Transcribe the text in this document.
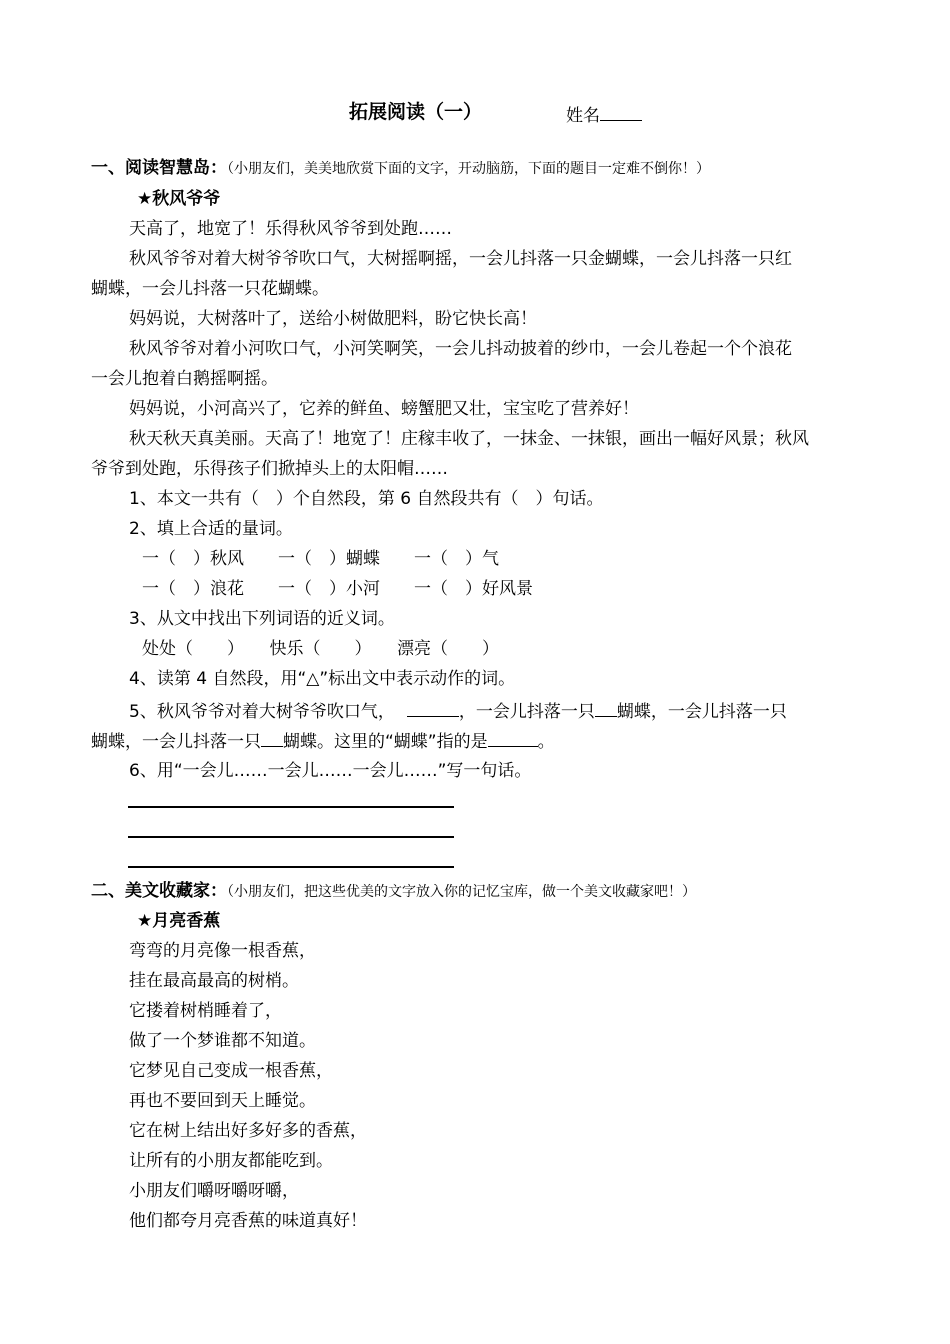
拓展阅读（一）	姓名
一、阅读智慧岛：（小朋友们，美美地欣赏下面的文字，开动脑筋，下面的题目一定难不倒你！）
★秋风爷爷
天高了，地宽了！乐得秋风爷爷到处跑……
秋风爷爷对着大树爷爷吹口气，大树摇啊摇，一会儿抖落一只金蝴蝶，一会儿抖落一只红
蝴蝶，一会儿抖落一只花蝴蝶。
妈妈说，大树落叶了，送给小树做肥料，盼它快长高！
秋风爷爷对着小河吹口气，小河笑啊笑，一会儿抖动披着的纱巾，一会儿卷起一个个浪花
一会儿抱着白鹅摇啊摇。
妈妈说，小河高兴了，它养的鲜鱼、螃蟹肥又壮，宝宝吃了营养好！
秋天秋天真美丽。天高了！地宽了！庄稼丰收了，一抹金、一抹银，画出一幅好风景；秋风
爷爷到处跑，乐得孩子们掀掉头上的太阳帽……
1、本文一共有（　）个自然段，第 6 自然段共有（　）句话。
2、填上合适的量词。
一（　）秋风　　一（　）蝴蝶　　一（　）气
一（　）浪花　　一（　）小河　　一（　）好风景
3、从文中找出下列词语的近义词。
处处（　　）　　快乐（　　）　　漂亮（　　）
4、读第 4 自然段，用“△”标出文中表示动作的词。
5、秋风爷爷对着大树爷爷吹口气，	，一会儿抖落一只 蝴蝶，一会儿抖落一只
蝴蝶，一会儿抖落一只 蝴蝶。这里的“蝴蝶”指的是	。
6、用“一会儿……一会儿……一会儿……”写一句话。
二、美文收藏家：（小朋友们，把这些优美的文字放入你的记忆宝库，做一个美文收藏家吧！）
★月亮香蕉
弯弯的月亮像一根香蕉，
挂在最高最高的树梢。
它搂着树梢睡着了，
做了一个梦谁都不知道。
它梦见自己变成一根香蕉，
再也不要回到天上睡觉。
它在树上结出好多好多的香蕉，
让所有的小朋友都能吃到。
小朋友们嚼呀嚼呀嚼，
他们都夸月亮香蕉的味道真好！
